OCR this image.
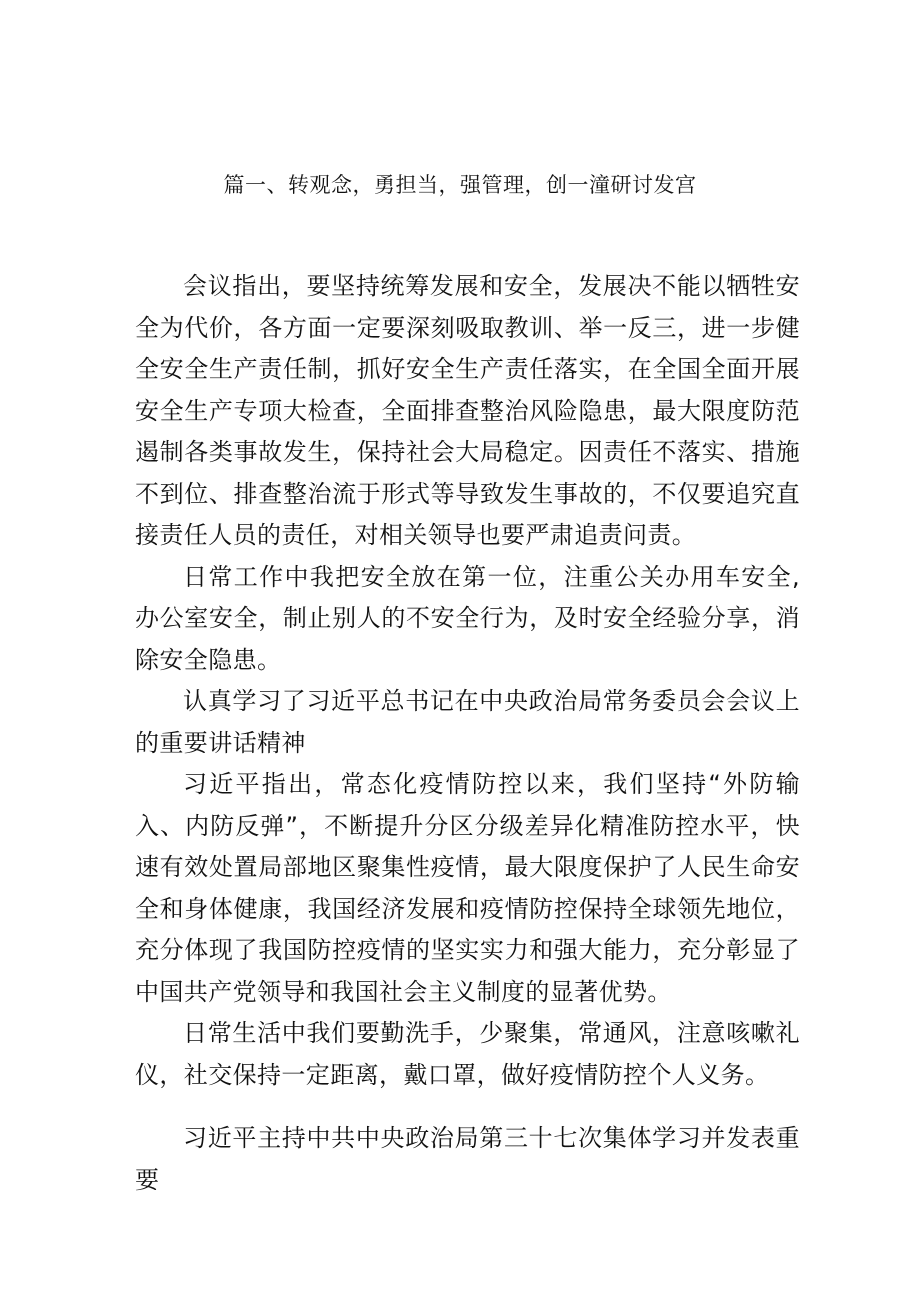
篇一、转观念，勇担当，强管理，创一潼研讨发宫

会议指出，要坚持统筹发展和安全，发展决不能以牺牲安全为代价，各方面一定要深刻吸取教训、举一反三，进一步健全安全生产责任制，抓好安全生产责任落实，在全国全面开展安全生产专项大检查，全面排查整治风险隐患，最大限度防范遏制各类事故发生，保持社会大局稳定。因责任不落实、措施不到位、排查整治流于形式等导致发生事故的，不仅要追究直接责任人员的责任，对相关领导也要严肃追责问责。

日常工作中我把安全放在第一位，注重公关办用车安全,办公室安全，制止别人的不安全行为，及时安全经验分享，消除安全隐患。

认真学习了习近平总书记在中央政治局常务委员会会议上的重要讲话精神

习近平指出，常态化疫情防控以来，我们坚持“外防输入、内防反弹”，不断提升分区分级差异化精准防控水平，快速有效处置局部地区聚集性疫情，最大限度保护了人民生命安全和身体健康，我国经济发展和疫情防控保持全球领先地位，充分体现了我国防控疫情的坚实实力和强大能力，充分彰显了中国共产党领导和我国社会主义制度的显著优势。

日常生活中我们要勤洗手，少聚集，常通风，注意咳嗽礼仪，社交保持一定距离，戴口罩，做好疫情防控个人义务。

习近平主持中共中央政治局第三十七次集体学习并发表重要
